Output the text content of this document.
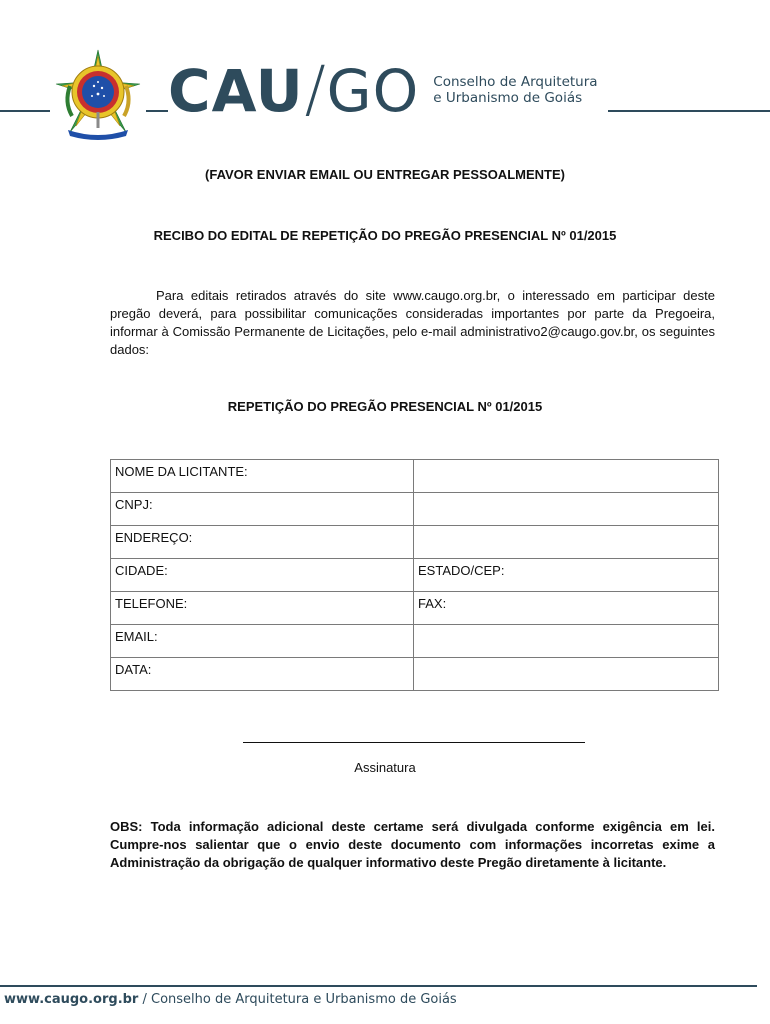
CAU / GO Conselho de Arquitetura
e Urbanismo de Goiás
(FAVOR ENVIAR EMAIL OU ENTREGAR PESSOALMENTE)
RECIBO DO EDITAL DE REPETIÇÃO DO PREGÃO PRESENCIAL Nº 01/2015
Para editais retirados através do site www.caugo.org.br, o interessado em participar deste pregão deverá, para possibilitar comunicações consideradas importantes por parte da Pregoeira, informar à Comissão Permanente de Licitações, pelo e-mail administrativo2@caugo.gov.br, os seguintes dados:
REPETIÇÃO DO PREGÃO PRESENCIAL Nº 01/2015
NOME DA LICITANTE:	
CNPJ:	
ENDEREÇO:	
CIDADE:	ESTADO/CEP:
TELEFONE:	FAX:
EMAIL:	
DATA:	
Assinatura
OBS: Toda informação adicional deste certame será divulgada conforme exigência em lei. Cumpre-nos salientar que o envio deste documento com informações incorretas exime a Administração da obrigação de qualquer informativo deste Pregão diretamente à licitante.
www.caugo.org.br / Conselho de Arquitetura e Urbanismo de Goiás
